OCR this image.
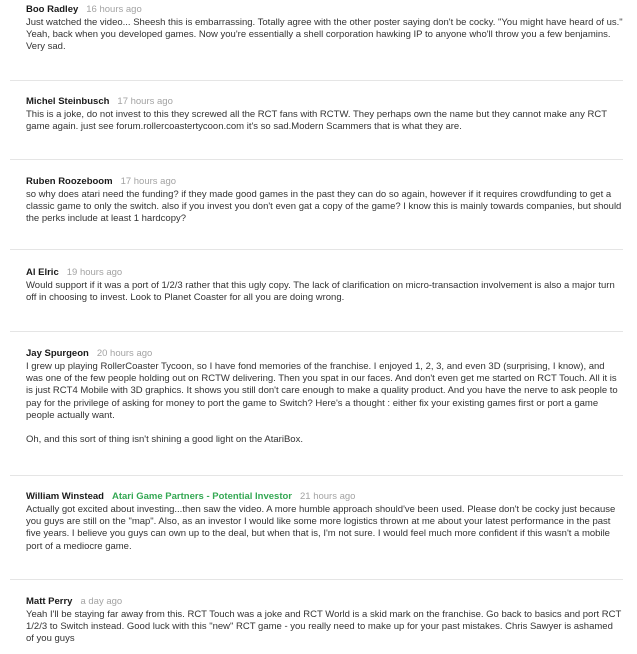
Boo Radley 16 hours ago

Just watched the video... Sheesh this is embarrassing. Totally agree with the other poster saying don't be cocky. "You might have heard of us." Yeah, back when you developed games. Now you're essentially a shell corporation hawking IP to anyone who'll throw you a few benjamins. Very sad.

Michel Steinbusch 17 hours ago

This is a joke, do not invest to this they screwed all the RCT fans with RCTW. They perhaps own the name but they cannot make any RCT game again. just see forum.rollercoastertycoon.com it's so sad.Modern Scammers that is what they are.

Ruben Roozeboom 17 hours ago

so why does atari need the funding? if they made good games in the past they can do so again, however if it requires crowdfunding to get a classic game to only the switch. also if you invest you don't even gat a copy of the game? I know this is mainly towards companies, but should the perks include at least 1 hardcopy?

Al Elric 19 hours ago

Would support if it was a port of 1/2/3 rather that this ugly copy. The lack of clarification on micro-transaction involvement is also a major turn off in choosing to invest. Look to Planet Coaster for all you are doing wrong.

Jay Spurgeon 20 hours ago

I grew up playing RollerCoaster Tycoon, so I have fond memories of the franchise. I enjoyed 1, 2, 3, and even 3D (surprising, I know), and was one of the few people holding out on RCTW delivering. Then you spat in our faces. And don't even get me started on RCT Touch. All it is is just RCT4 Mobile with 3D graphics. It shows you still don't care enough to make a quality product. And you have the nerve to ask people to pay for the privilege of asking for money to port the game to Switch? Here's a thought : either fix your existing games first or port a game people actually want.

Oh, and this sort of thing isn't shining a good light on the AtariBox.

William Winstead Atari Game Partners - Potential Investor 21 hours ago

Actually got excited about investing...then saw the video. A more humble approach should've been used. Please don't be cocky just because you guys are still on the "map". Also, as an investor I would like some more logistics thrown at me about your latest performance in the past five years. I believe you guys can own up to the deal, but when that is, I'm not sure. I would feel much more confident if this wasn't a mobile port of a mediocre game.

Matt Perry a day ago

Yeah I'll be staying far away from this. RCT Touch was a joke and RCT World is a skid mark on the franchise. Go back to basics and port RCT 1/2/3 to Switch instead. Good luck with this "new" RCT game - you really need to make up for your past mistakes. Chris Sawyer is ashamed of you guys
